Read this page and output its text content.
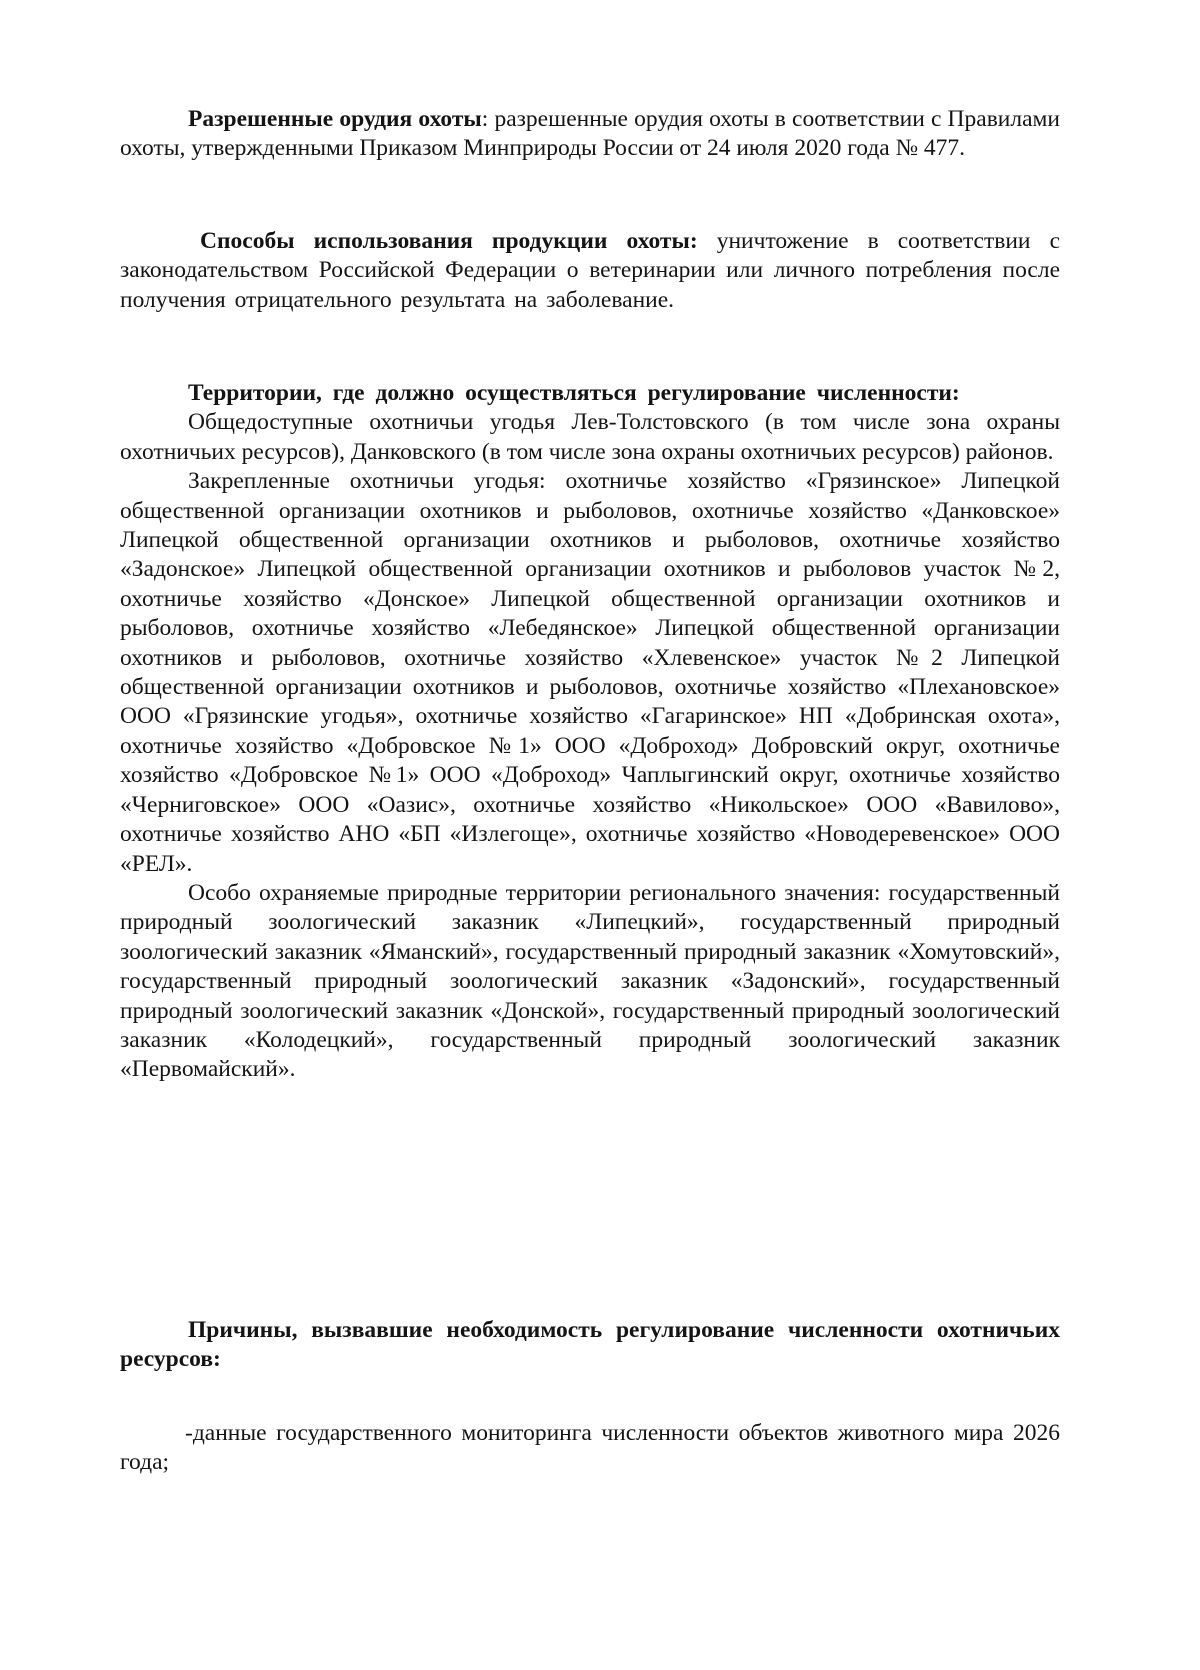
Разрешенные орудия охоты: разрешенные орудия охоты в соответствии с Правилами охоты, утвержденными Приказом Минприроды России от 24 июля 2020 года № 477.

Способы использования продукции охоты: уничтожение в соответствии с законодательством Российской Федерации о ветеринарии или личного потребления после получения отрицательного результата на заболевание.

Территории, где должно осуществляться регулирование численности:

Общедоступные охотничьи угодья Лев-Толстовского (в том числе зона охраны охотничьих ресурсов), Данковского (в том числе зона охраны охотничьих ресурсов) районов.

Закрепленные охотничьи угодья: охотничье хозяйство «Грязинское» Липецкой общественной организации охотников и рыболовов, охотничье хозяйство «Данковское» Липецкой общественной организации охотников и рыболовов, охотничье хозяйство «Задонское» Липецкой общественной организации охотников и рыболовов участок №2, охотничье хозяйство «Донское» Липецкой общественной организации охотников и рыболовов, охотничье хозяйство «Лебедянское» Липецкой общественной организации охотников и рыболовов, охотничье хозяйство «Хлевенское» участок №2 Липецкой общественной организации охотников и рыболовов, охотничье хозяйство «Плехановское» ООО «Грязинские угодья», охотничье хозяйство «Гагаринское» НП «Добринская охота», охотничье хозяйство «Добровское №1» ООО «Доброход» Добровский округ, охотничье хозяйство «Добровское №1» ООО «Доброход» Чаплыгинский округ, охотничье хозяйство «Черниговское» ООО «Оазис», охотничье хозяйство «Никольское» ООО «Вавилово», охотничье хозяйство АНО «БП «Излегоще», охотничье хозяйство «Новодеревенское» ООО «РЕЛ».

Особо охраняемые природные территории регионального значения: государственный природный зоологический заказник «Липецкий», государственный природный зоологический заказник «Яманский», государственный природный заказник «Хомутовский», государственный природный зоологический заказник «Задонский», государственный природный зоологический заказник «Донской», государственный природный зоологический заказник «Колодецкий», государственный природный зоологический заказник «Первомайский».

Причины, вызвавшие необходимость регулирование численности охотничьих ресурсов:

-данные государственного мониторинга численности объектов животного мира 2026 года;
